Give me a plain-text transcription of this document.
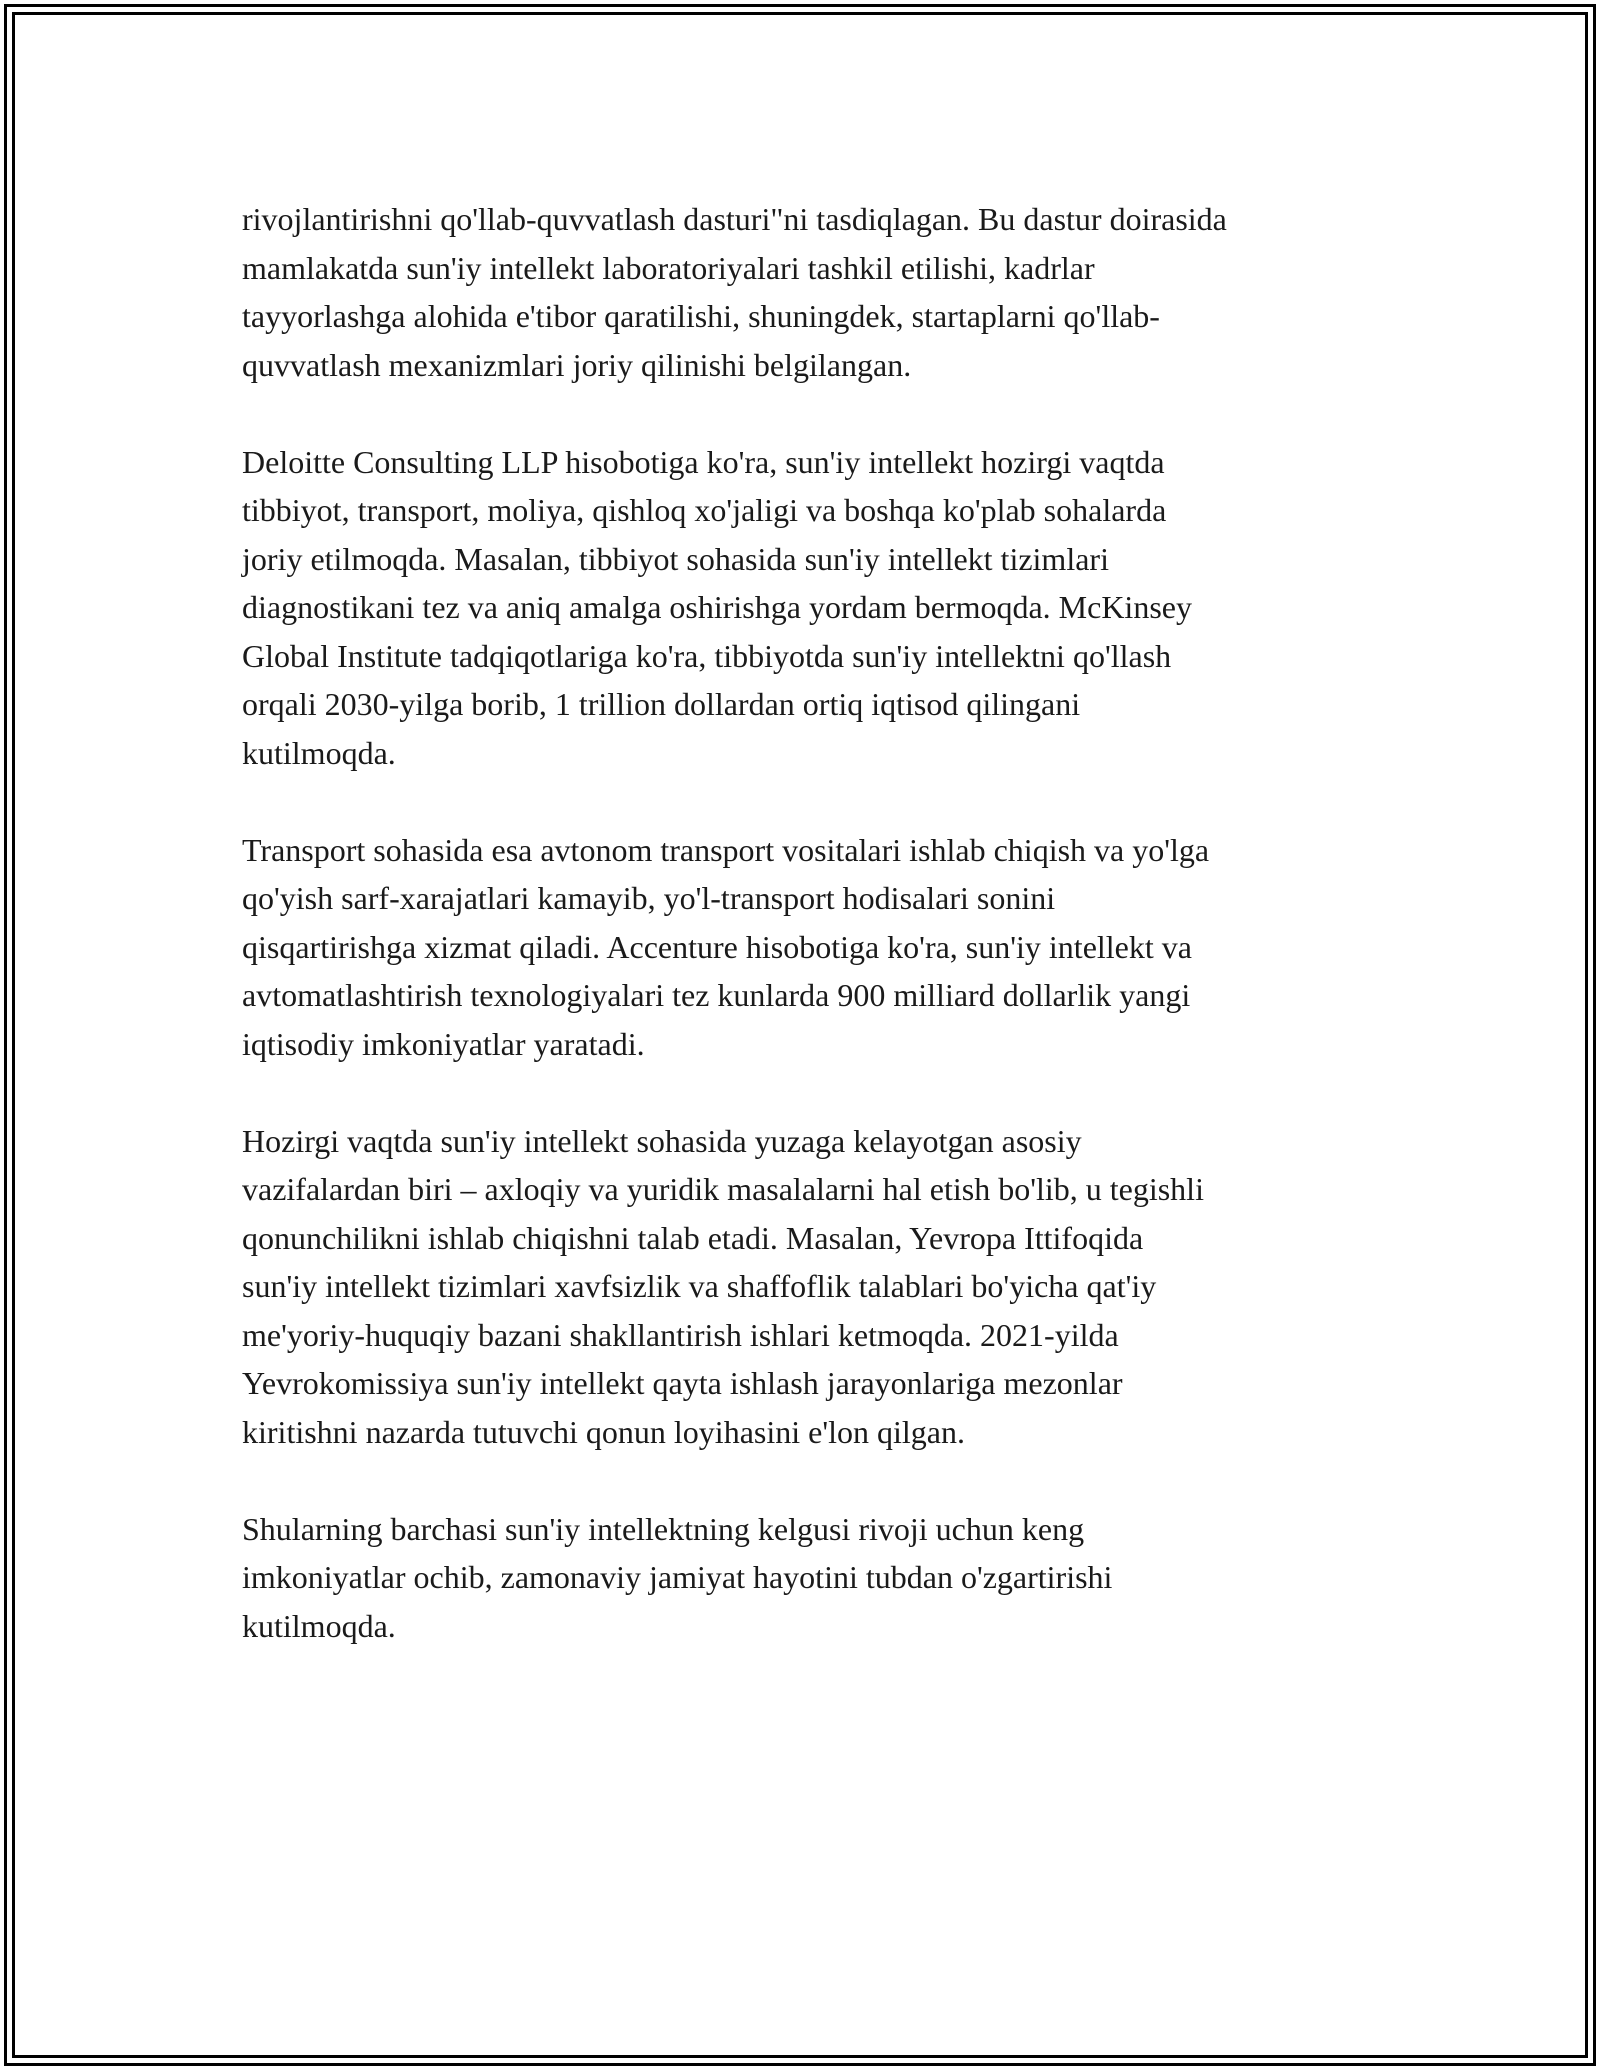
rivojlantirishni qo'llab-quvvatlash dasturi"ni tasdiqlagan. Bu dastur doirasida
mamlakatda sun'iy intellekt laboratoriyalari tashkil etilishi, kadrlar
tayyorlashga alohida e'tibor qaratilishi, shuningdek, startaplarni qo'llab-
quvvatlash mexanizmlari joriy qilinishi belgilangan.

Deloitte Consulting LLP hisobotiga ko'ra, sun'iy intellekt hozirgi vaqtda
tibbiyot, transport, moliya, qishloq xo'jaligi va boshqa ko'plab sohalarda
joriy etilmoqda. Masalan, tibbiyot sohasida sun'iy intellekt tizimlari
diagnostikani tez va aniq amalga oshirishga yordam bermoqda. McKinsey
Global Institute tadqiqotlariga ko'ra, tibbiyotda sun'iy intellektni qo'llash
orqali 2030-yilga borib, 1 trillion dollardan ortiq iqtisod qilingani
kutilmoqda.

Transport sohasida esa avtonom transport vositalari ishlab chiqish va yo'lga
qo'yish sarf-xarajatlari kamayib, yo'l-transport hodisalari sonini
qisqartirishga xizmat qiladi. Accenture hisobotiga ko'ra, sun'iy intellekt va
avtomatlashtirish texnologiyalari tez kunlarda 900 milliard dollarlik yangi
iqtisodiy imkoniyatlar yaratadi.

Hozirgi vaqtda sun'iy intellekt sohasida yuzaga kelayotgan asosiy
vazifalardan biri – axloqiy va yuridik masalalarni hal etish bo'lib, u tegishli
qonunchilikni ishlab chiqishni talab etadi. Masalan, Yevropa Ittifoqida
sun'iy intellekt tizimlari xavfsizlik va shaffoflik talablari bo'yicha qat'iy
me'yoriy-huquqiy bazani shakllantirish ishlari ketmoqda. 2021-yilda
Yevrokomissiya sun'iy intellekt qayta ishlash jarayonlariga mezonlar
kiritishni nazarda tutuvchi qonun loyihasini e'lon qilgan.

Shularning barchasi sun'iy intellektning kelgusi rivoji uchun keng
imkoniyatlar ochib, zamonaviy jamiyat hayotini tubdan o'zgartirishi
kutilmoqda.
